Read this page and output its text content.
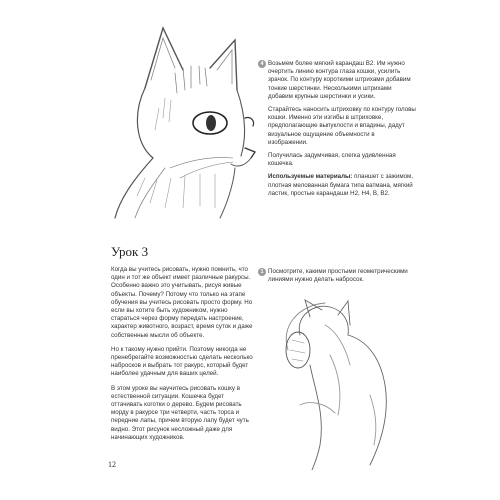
4 Возьмем более мягкий карандаш В2. Им нужно очертить линию контура глаза кошки, усилить зрачок. По контуру короткими штрихами добавим тонкие шерстинки. Несколькими штрихами добавим крупные шерстинки и усики.

Старайтесь наносить штриховку по контуру головы кошки. Именно эти изгибы в штриховке, предполагающие выпуклости и впадины, дадут визуальное ощущение объемности в изображении.

Получилась задумчивая, слегка удивленная кошечка.

Используемые материалы: планшет с зажимом, плотная мелованная бумага типа ватмана, мягкий ластик, простые карандаши Н2, Н4, В, В2.

Урок 3

Когда вы учитесь рисовать, нужно помнить, что один и тот же объект имеет различные ракурсы. Особенно важно это учитывать, рисуя живые объекты. Почему? Потому что только на этапе обучения вы учитесь рисовать просто форму. Но если вы хотите быть художником, нужно стараться через форму передать настроение, характер животного, возраст, время суток и даже собственные мысли об объекте.

Но к такому нужно прийти. Поэтому никогда не пренебрегайте возможностью сделать несколько набросков и выбрать тот ракурс, который будет наиболее удачным для ваших целей.

В этом уроке вы научитесь рисовать кошку в естественной ситуации. Кошечка будет оттачивать коготки о дерево. Будем рисовать морду в ракурсе три четверти, часть торса и передние лапы, причем вторую лапу будет чуть видно. Этот рисунок несложный даже для начинающих художников.

1 Посмотрите, какими простыми геометрическими линиями нужно делать набросок.

12
